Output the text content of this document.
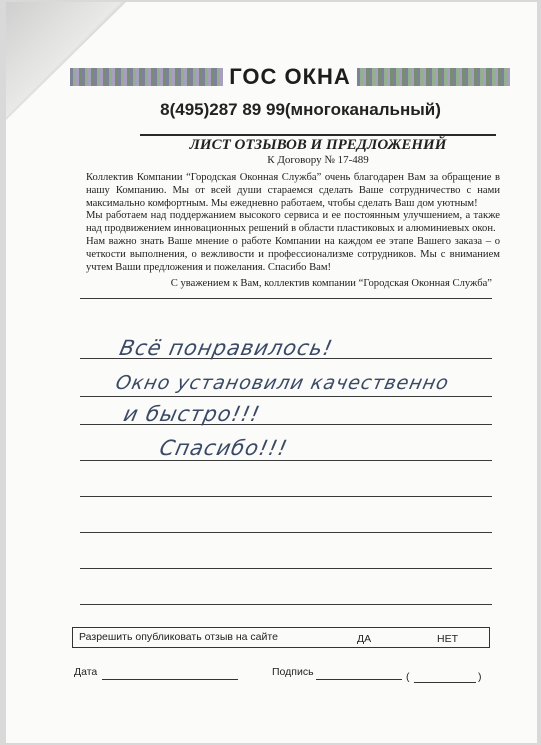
ГОС ОКНА
8(495)287 89 99(многоканальный)
ЛИСТ ОТЗЫВОВ И ПРЕДЛОЖЕНИЙ
К Договору № 17-489

Коллектив Компании “Городская Оконная Служба” очень благодарен Вам за обращение в нашу Компанию. Мы от всей души стараемся сделать Ваше сотрудничество с нами максимально комфортным. Мы ежедневно работаем, чтобы сделать Ваш дом уютным!

Мы работаем над поддержанием высокого сервиса и ее постоянным улучшением, а также над продвижением инновационных решений в области пластиковых и алюминиевых окон.

Нам важно знать Ваше мнение о работе Компании на каждом ее этапе Вашего заказа – о четкости выполнения, о вежливости и профессионализме сотрудников. Мы с вниманием учтем Ваши предложения и пожелания. Спасибо Вам!

С уважением к Вам, коллектив компании “Городская Оконная Служба”
Всё понравилось!
Окно установили качественно
и быстро!!!
Спасибо!!!
Разрешить опубликовать отзыв на сайте	ДА	НЕТ
Дата	Подпись	(	)
